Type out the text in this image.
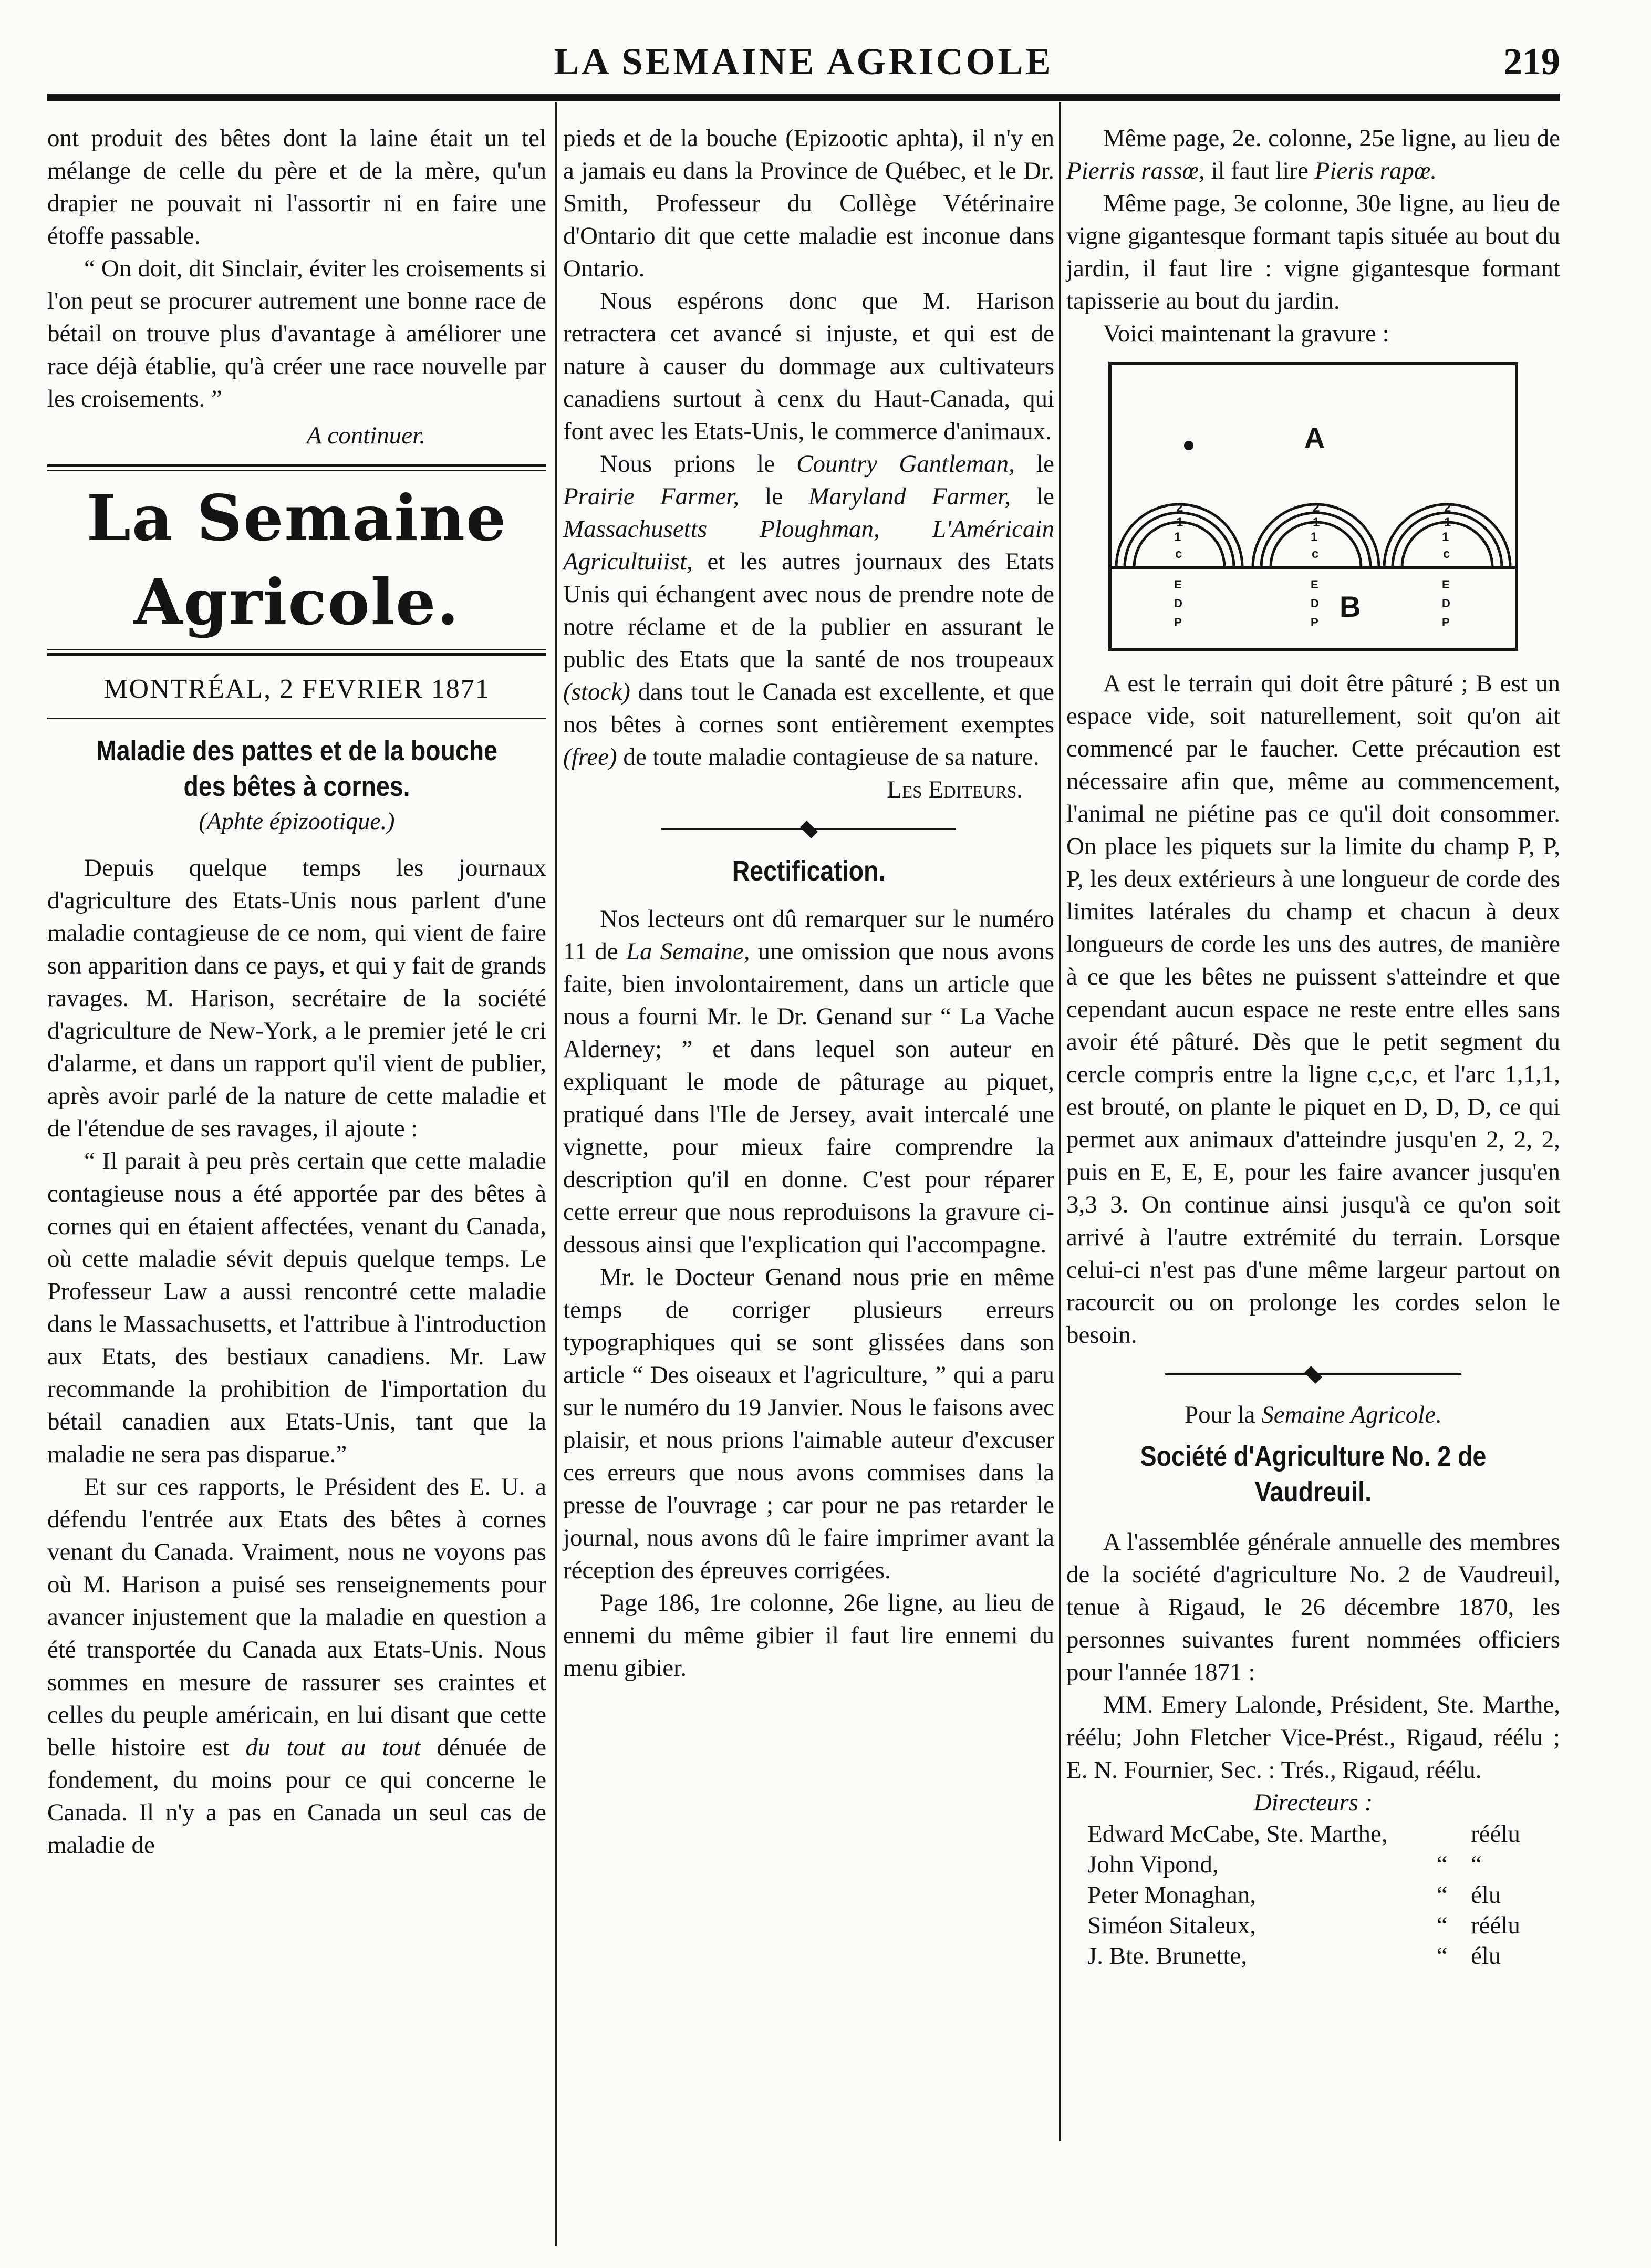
LA SEMAINE AGRICOLE	219

ont produit des bêtes dont la laine était un tel mélange de celle du père et de la mère, qu'un drapier ne pouvait ni l'assortir ni en faire une étoffe passable.

“ On doit, dit Sinclair, éviter les croisements si l'on peut se procurer autrement une bonne race de bétail on trouve plus d'avantage à améliorer une race déjà établie, qu'à créer une race nouvelle par les croisements. ”

A continuer.

La Semaine Agricole.
MONTRÉAL, 2 FEVRIER 1871
Maladie des pattes et de la bouche des bêtes à cornes.
(Aphte épizootique.)

Depuis quelque temps les journaux d'agriculture des Etats-Unis nous parlent d'une maladie contagieuse de ce nom, qui vient de faire son apparition dans ce pays, et qui y fait de grands ravages. M. Harison, secrétaire de la société d'agriculture de New-York, a le premier jeté le cri d'alarme, et dans un rapport qu'il vient de publier, après avoir parlé de la nature de cette maladie et de l'étendue de ses ravages, il ajoute :

“ Il parait à peu près certain que cette maladie contagieuse nous a été apportée par des bêtes à cornes qui en étaient affectées, venant du Canada, où cette maladie sévit depuis quelque temps. Le Professeur Law a aussi rencontré cette maladie dans le Massachusetts, et l'attribue à l'introduction aux Etats, des bestiaux canadiens. Mr. Law recommande la prohibition de l'importation du bétail canadien aux Etats-Unis, tant que la maladie ne sera pas disparue.”

Et sur ces rapports, le Président des E. U. a défendu l'entrée aux Etats des bêtes à cornes venant du Canada. Vraiment, nous ne voyons pas où M. Harison a puisé ses renseignements pour avancer injustement que la maladie en question a été transportée du Canada aux Etats-Unis. Nous sommes en mesure de rassurer ses craintes et celles du peuple américain, en lui disant que cette belle histoire est du tout au tout dénuée de fondement, du moins pour ce qui concerne le Canada. Il n'y a pas en Canada un seul cas de maladie de

pieds et de la bouche (Epizootic aphta), il n'y en a jamais eu dans la Province de Québec, et le Dr. Smith, Professeur du Collège Vétérinaire d'Ontario dit que cette maladie est inconue dans Ontario.

Nous espérons donc que M. Harison retractera cet avancé si injuste, et qui est de nature à causer du dommage aux cultivateurs canadiens surtout à cenx du Haut-Canada, qui font avec les Etats-Unis, le commerce d'animaux.

Nous prions le Country Gantleman, le Prairie Farmer, le Maryland Farmer, le Massachusetts Ploughman, L'Américain Agricultuiist, et les autres journaux des Etats Unis qui échangent avec nous de prendre note de notre réclame et de la publier en assurant le public des Etats que la santé de nos troupeaux (stock) dans tout le Canada est excellente, et que nos bêtes à cornes sont entièrement exemptes (free) de toute maladie contagieuse de sa nature.

Les Editeurs.

Rectification.

Nos lecteurs ont dû remarquer sur le numéro 11 de La Semaine, une omission que nous avons faite, bien involontairement, dans un article que nous a fourni Mr. le Dr. Genand sur “ La Vache Alderney; ” et dans lequel son auteur en expliquant le mode de pâturage au piquet, pratiqué dans l'Ile de Jersey, avait intercalé une vignette, pour mieux faire comprendre la description qu'il en donne. C'est pour réparer cette erreur que nous reproduisons la gravure ci-dessous ainsi que l'explication qui l'accompagne.

Mr. le Docteur Genand nous prie en même temps de corriger plusieurs erreurs typographiques qui se sont glissées dans son article “ Des oiseaux et l'agriculture, ” qui a paru sur le numéro du 19 Janvier. Nous le faisons avec plaisir, et nous prions l'aimable auteur d'excuser ces erreurs que nous avons commises dans la presse de l'ouvrage ; car pour ne pas retarder le journal, nous avons dû le faire imprimer avant la réception des épreuves corrigées.

Page 186, 1re colonne, 26e ligne, au lieu de ennemi du même gibier il faut lire ennemi du menu gibier.

Même page, 2e. colonne, 25e ligne, au lieu de Pierris rassœ, il faut lire Pieris rapœ.

Même page, 3e colonne, 30e ligne, au lieu de vigne gigantesque formant tapis située au bout du jardin, il faut lire : vigne gigantesque formant tapisserie au bout du jardin.

Voici maintenant la gravure :

A
B
2
1
1
c
2
1
1
c
2
1
1
c
E
D
P
E
D
P
E
D
P

A est le terrain qui doit être pâturé ; B est un espace vide, soit naturellement, soit qu'on ait commencé par le faucher. Cette précaution est nécessaire afin que, même au commencement, l'animal ne piétine pas ce qu'il doit consommer. On place les piquets sur la limite du champ P, P, P, les deux extérieurs à une longueur de corde des limites latérales du champ et chacun à deux longueurs de corde les uns des autres, de manière à ce que les bêtes ne puissent s'atteindre et que cependant aucun espace ne reste entre elles sans avoir été pâturé. Dès que le petit segment du cercle compris entre la ligne c,c,c, et l'arc 1,1,1, est brouté, on plante le piquet en D, D, D, ce qui permet aux animaux d'atteindre jusqu'en 2, 2, 2, puis en E, E, E, pour les faire avancer jusqu'en 3,3 3. On continue ainsi jusqu'à ce qu'on soit arrivé à l'autre extrémité du terrain. Lorsque celui-ci n'est pas d'une même largeur partout on racourcit ou on prolonge les cordes selon le besoin.

Pour la Semaine Agricole.

Société d'Agriculture No. 2 de Vaudreuil.

A l'assemblée générale annuelle des membres de la société d'agriculture No. 2 de Vaudreuil, tenue à Rigaud, le 26 décembre 1870, les personnes suivantes furent nommées officiers pour l'année 1871 :

MM. Emery Lalonde, Président, Ste. Marthe, réélu; John Fletcher Vice-Prést., Rigaud, réélu ; E. N. Fournier, Sec. : Trés., Rigaud, réélu.

Directeurs :

Edward McCabe, Ste. Marthe,		réélu
John Vipond,	“	“
Peter Monaghan,	“	élu
Siméon Sitaleux,	“	réélu
J. Bte. Brunette,	“	élu
